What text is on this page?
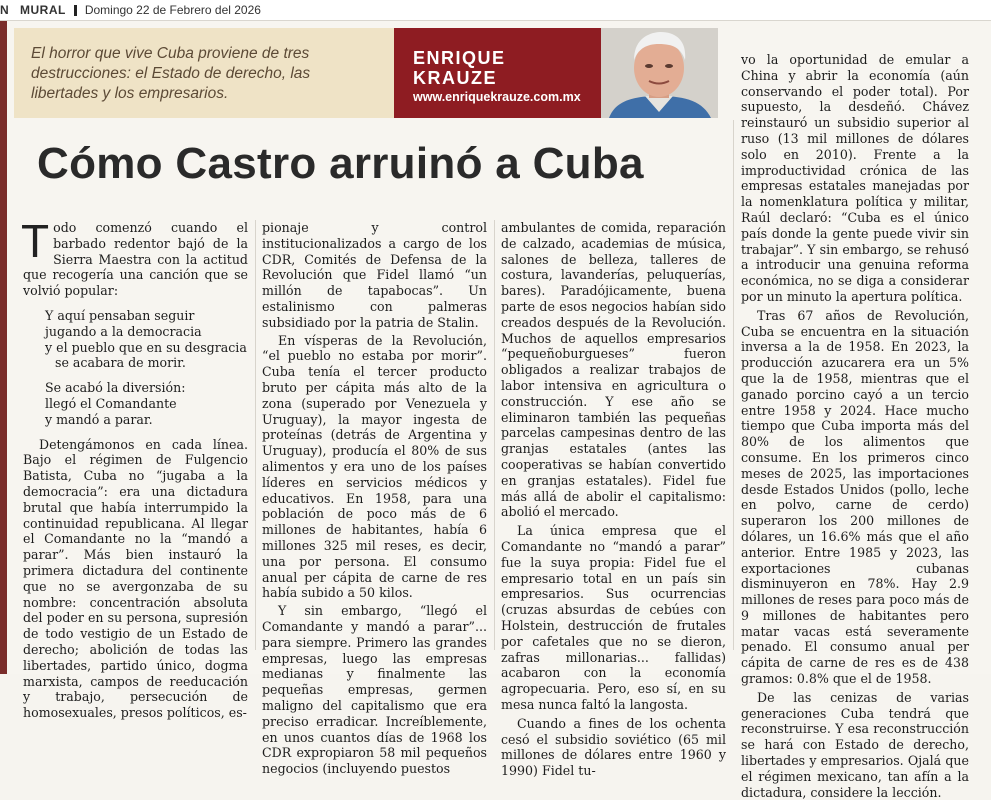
N MURAL Domingo 22 de Febrero del 2026
El horror que vive Cuba proviene de tres destrucciones: el Estado de derecho, las libertades y los empresarios.
ENRIQUE
KRAUZE
www.enriquekrauze.com.mx
Cómo Castro arruinó a Cuba

Todo comenzó cuando el barbado redentor bajó de la Sierra Maestra con la actitud que recogería una canción que se volvió popular:

Y aquí pensaban seguir
jugando a la democracia
y el pueblo que en su desgracia
se acabara de morir.
Se acabó la diversión:
llegó el Comandante
y mandó a parar.

Detengámonos en cada línea. Bajo el régimen de Fulgencio Batista, Cuba no “jugaba a la democracia”: era una dictadura brutal que había interrumpido la continuidad republicana. Al llegar el Comandante no la “mandó a parar”. Más bien instauró la primera dictadura del continente que no se avergonzaba de su nombre: concentración absoluta del poder en su persona, supresión de todo vestigio de un Estado de derecho; abolición de todas las libertades, partido único, dogma marxista, campos de reeducación y trabajo, persecución de homosexuales, presos políticos, es-

pionaje y control institucionalizados a cargo de los CDR, Comités de Defensa de la Revolución que Fidel llamó “un millón de tapabocas”. Un estalinismo con palmeras subsidiado por la patria de Stalin.

En vísperas de la Revolución, “el pueblo no estaba por morir”. Cuba tenía el tercer producto bruto per cápita más alto de la zona (superado por Venezuela y Uruguay), la mayor ingesta de proteínas (detrás de Argentina y Uruguay), producía el 80% de sus alimentos y era uno de los países líderes en servicios médicos y educativos. En 1958, para una población de poco más de 6 millones de habitantes, había 6 millones 325 mil reses, es decir, una por persona. El consumo anual per cápita de carne de res había subido a 50 kilos.

Y sin embargo, “llegó el Comandante y mandó a parar”... para siempre. Primero las grandes empresas, luego las empresas medianas y finalmente las pequeñas empresas, germen maligno del capitalismo que era preciso erradicar. Increíblemente, en unos cuantos días de 1968 los CDR expropiaron 58 mil pequeños negocios (incluyendo puestos

ambulantes de comida, reparación de calzado, academias de música, salones de belleza, talleres de costura, lavanderías, peluquerías, bares). Paradójicamente, buena parte de esos negocios habían sido creados después de la Revolución. Muchos de aquellos empresarios “pequeñoburgueses” fueron obligados a realizar trabajos de labor intensiva en agricultura o construcción. Y ese año se eliminaron también las pequeñas parcelas campesinas dentro de las granjas estatales (antes las cooperativas se habían convertido en granjas estatales). Fidel fue más allá de abolir el capitalismo: abolió el mercado.

La única empresa que el Comandante no “mandó a parar” fue la suya propia: Fidel fue el empresario total en un país sin empresarios. Sus ocurrencias (cruzas absurdas de cebúes con Holstein, destrucción de frutales por cafetales que no se dieron, zafras millonarias... fallidas) acabaron con la economía agropecuaria. Pero, eso sí, en su mesa nunca faltó la langosta.

Cuando a fines de los ochenta cesó el subsidio soviético (65 mil millones de dólares entre 1960 y 1990) Fidel tu-

vo la oportunidad de emular a China y abrir la economía (aún conservando el poder total). Por supuesto, la desdeñó. Chávez reinstauró un subsidio superior al ruso (13 mil millones de dólares solo en 2010). Frente a la improductividad crónica de las empresas estatales manejadas por la nomenklatura política y militar, Raúl declaró: “Cuba es el único país donde la gente puede vivir sin trabajar”. Y sin embargo, se rehusó a introducir una genuina reforma económica, no se diga a considerar por un minuto la apertura política.

Tras 67 años de Revolución, Cuba se encuentra en la situación inversa a la de 1958. En 2023, la producción azucarera era un 5% que la de 1958, mientras que el ganado porcino cayó a un tercio entre 1958 y 2024. Hace mucho tiempo que Cuba importa más del 80% de los alimentos que consume. En los primeros cinco meses de 2025, las importaciones desde Estados Unidos (pollo, leche en polvo, carne de cerdo) superaron los 200 millones de dólares, un 16.6% más que el año anterior. Entre 1985 y 2023, las exportaciones cubanas disminuyeron en 78%. Hay 2.9 millones de reses para poco más de 9 millones de habitantes pero matar vacas está severamente penado. El consumo anual per cápita de carne de res es de 438 gramos: 0.8% que el de 1958.

De las cenizas de varias generaciones Cuba tendrá que reconstruirse. Y esa reconstrucción se hará con Estado de derecho, libertades y empresarios. Ojalá que el régimen mexicano, tan afín a la dictadura, considere la lección.
